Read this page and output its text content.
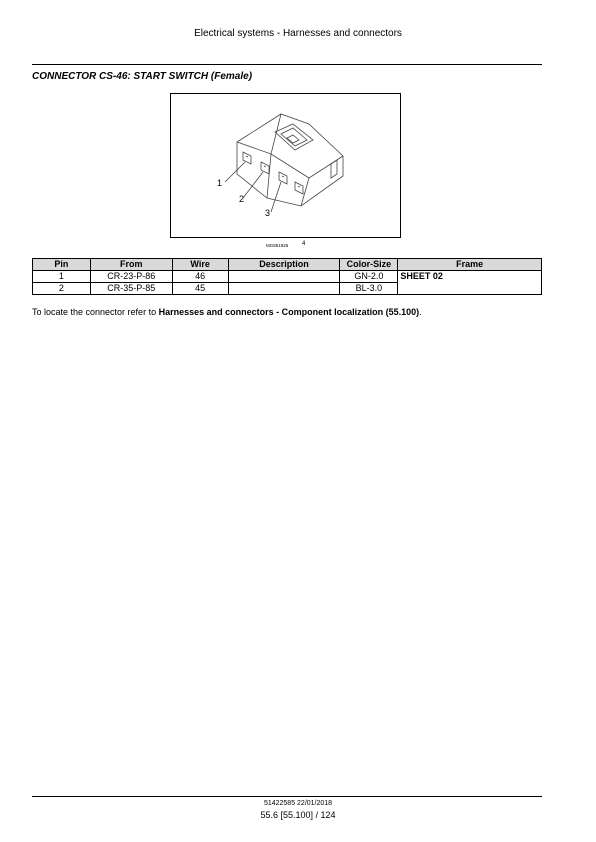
Electrical systems - Harnesses and connectors
CONNECTOR CS-46: START SWITCH (Female)
1
2
3
MG851926 4
Pin	From	Wire	Description	Color-Size	Frame
1	CR-23-P-86	46		GN-2.0	SHEET 02
2	CR-35-P-85	45		BL-3.0	
To locate the connector refer to Harnesses and connectors - Component localization (55.100).
51422585 22/01/2018
55.6 [55.100] / 124
